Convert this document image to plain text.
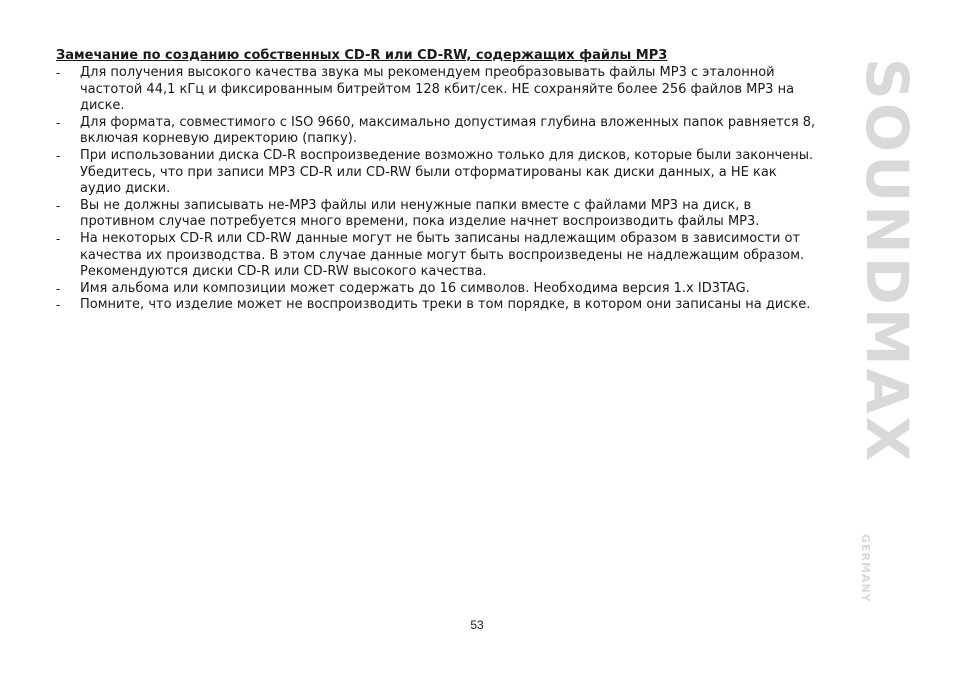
Замечание по созданию собственных CD-R или CD-RW, содержащих файлы MP3
- Для получения высокого качества звука мы рекомендуем преобразовывать файлы MP3 с эталонной частотой 44,1 кГц и фиксированным битрейтом 128 кбит/сек. НЕ сохраняйте более 256 файлов MP3 на диске.
- Для формата, совместимого с ISO 9660, максимально допустимая глубина вложенных папок равняется 8, включая корневую директорию (папку).
- При использовании диска CD-R воспроизведение возможно только для дисков, которые были закончены. Убедитесь, что при записи MP3 CD-R или CD-RW были отформатированы как диски данных, а НЕ как аудио диски.
- Вы не должны записывать не-MP3 файлы или ненужные папки вместе с файлами MP3 на диск, в противном случае потребуется много времени, пока изделие начнет воспроизводить файлы MP3.
- На некоторых CD-R или CD-RW данные могут не быть записаны надлежащим образом в зависимости от качества их производства. В этом случае данные могут быть воспроизведены не надлежащим образом. Рекомендуются диски CD-R или CD-RW высокого качества.
- Имя альбома или композиции может содержать до 16 символов. Необходима версия 1.x ID3TAG.
- Помните, что изделие может не воспроизводить треки в том порядке, в котором они записаны на диске. SOUNDMAX
GERMANY
53
